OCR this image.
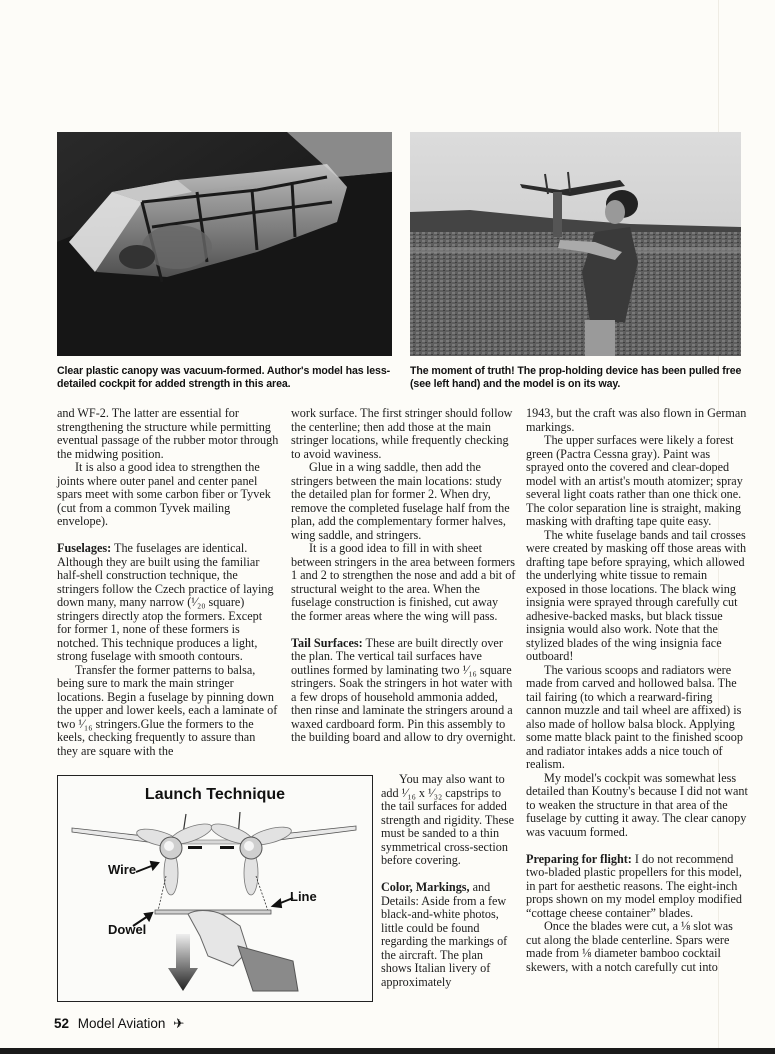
Clear plastic canopy was vacuum-formed. Author's model has less-detailed cockpit for added strength in this area.
The moment of truth! The prop-holding device has been pulled free (see left hand) and the model is on its way.

and WF-2. The latter are essential for strengthening the structure while permitting eventual passage of the rubber motor through the midwing position.

It is also a good idea to strengthen the joints where outer panel and center panel spars meet with some carbon fiber or Tyvek (cut from a common Tyvek mailing envelope).

Fuselages: The fuselages are identical. Although they are built using the familiar half-shell construction technique, the stringers follow the Czech practice of laying down many, many narrow (¹⁄₂₀ square) stringers directly atop the formers. Except for former 1, none of these formers is notched. This technique produces a light, strong fuselage with smooth contours.

Transfer the former patterns to balsa, being sure to mark the main stringer locations. Begin a fuselage by pinning down the upper and lower keels, each a laminate of two ¹⁄₁₆ stringers.Glue the formers to the keels, checking frequently to assure than they are square with the

work surface. The first stringer should follow the centerline; then add those at the main stringer locations, while frequently checking to avoid waviness.

Glue in a wing saddle, then add the stringers between the main locations: study the detailed plan for former 2. When dry, remove the completed fuselage half from the plan, add the complementary former halves, wing saddle, and stringers.

It is a good idea to fill in with sheet between stringers in the area between formers 1 and 2 to strengthen the nose and add a bit of structural weight to the area. When the fuselage construction is finished, cut away the former areas where the wing will pass.

Tail Surfaces: These are built directly over the plan. The vertical tail surfaces have outlines formed by laminating two ¹⁄₁₆ square stringers. Soak the stringers in hot water with a few drops of household ammonia added, then rinse and laminate the stringers around a waxed cardboard form. Pin this assembly to the building board and allow to dry overnight.

You may also want to add ¹⁄₁₆ x ¹⁄₃₂ capstrips to the tail surfaces for added strength and rigidity. These must be sanded to a thin symmetrical cross-section before covering.

Color, Markings, and Details: Aside from a few black-and-white photos, little could be found regarding the markings of the aircraft. The plan shows Italian livery of approximately

1943, but the craft was also flown in German markings.

The upper surfaces were likely a forest green (Pactra Cessna gray). Paint was sprayed onto the covered and clear-doped model with an artist's mouth atomizer; spray several light coats rather than one thick one. The color separation line is straight, making masking with drafting tape quite easy.

The white fuselage bands and tail crosses were created by masking off those areas with drafting tape before spraying, which allowed the underlying white tissue to remain exposed in those locations. The black wing insignia were sprayed through carefully cut adhesive-backed masks, but black tissue insignia would also work. Note that the stylized blades of the wing insignia face outboard!

The various scoops and radiators were made from carved and hollowed balsa. The tail fairing (to which a rearward-firing cannon muzzle and tail wheel are affixed) is also made of hollow balsa block. Applying some matte black paint to the finished scoop and radiator intakes adds a nice touch of realism.

My model's cockpit was somewhat less detailed than Koutny's because I did not want to weaken the structure in that area of the fuselage by cutting it away. The clear canopy was vacuum formed.

Preparing for flight: I do not recommend two-bladed plastic propellers for this model, in part for aesthetic reasons. The eight-inch props shown on my model employ modified “cottage cheese container” blades.

Once the blades were cut, a ⅛ slot was cut along the blade centerline. Spars were made from ⅛ diameter bamboo cocktail skewers, with a notch carefully cut into

Launch Technique
Wire
Line
Dowel
52 Model Aviation ✈
